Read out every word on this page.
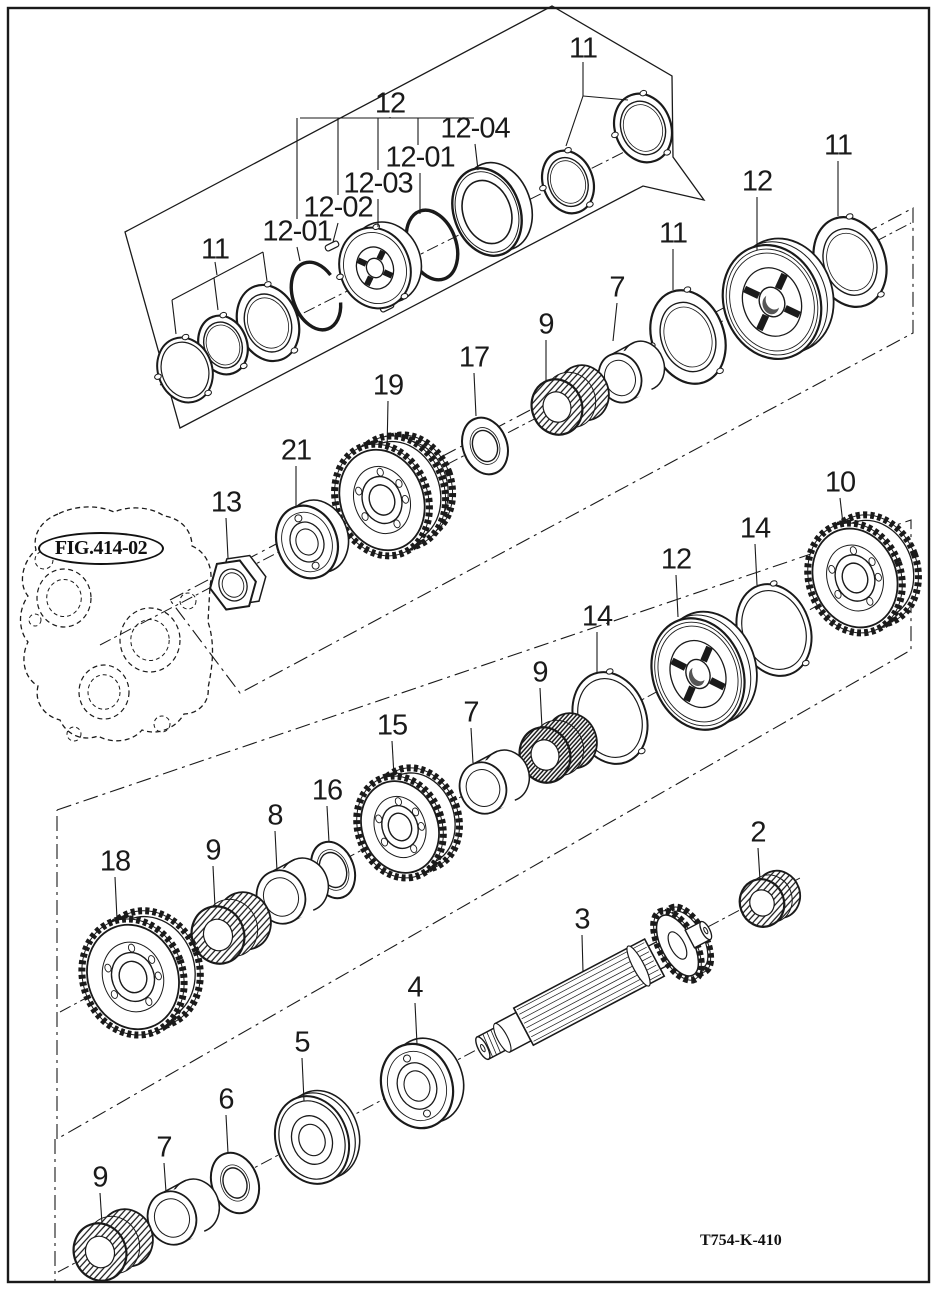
FIG.414-02
12
12-04
12-01
12-03
12-02
12-01
11
11
11
12
11
7
9
17
19
21
13
10
14
12
14
9
7
15
16
8
9
18
2
3
4
5
6
7
9
T754-K-410
